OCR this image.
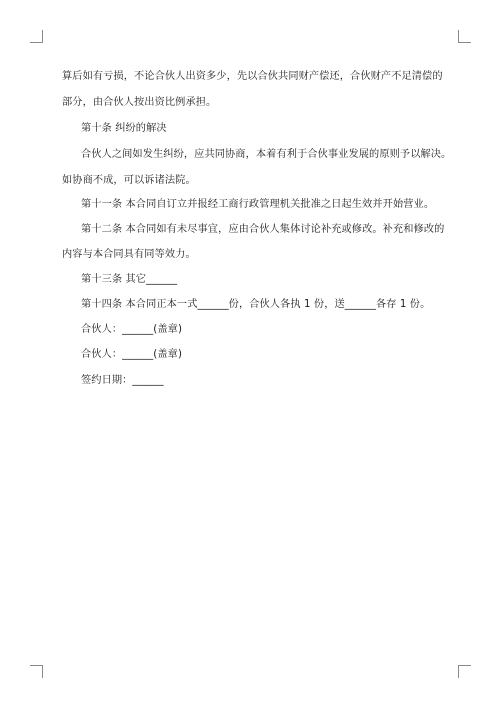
算后如有亏损，不论合伙人出资多少，先以合伙共同财产偿还，合伙财产不足清偿的
部分，由合伙人按出资比例承担。
第十条 纠纷的解决
合伙人之间如发生纠纷，应共同协商，本着有利于合伙事业发展的原则予以解决。
如协商不成，可以诉诸法院。
第十一条 本合同自订立并报经工商行政管理机关批准之日起生效并开始营业。
第十二条 本合同如有未尽事宜，应由合伙人集体讨论补充或修改。补充和修改的
内容与本合同具有同等效力。
第十三条 其它______
第十四条 本合同正本一式______份，合伙人各执 1 份，送______各存 1 份。
合伙人：______(盖章)
合伙人：______(盖章)
签约日期：______
